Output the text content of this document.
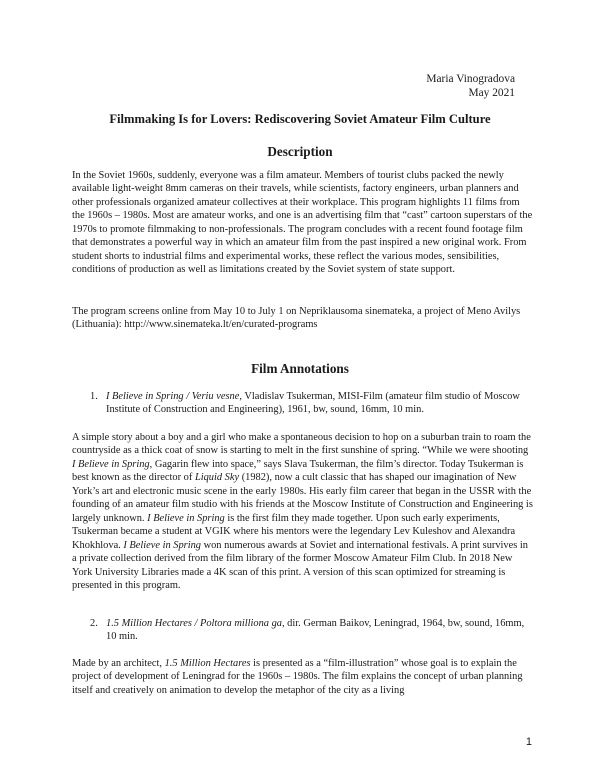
Maria Vinogradova
May 2021
Filmmaking Is for Lovers: Rediscovering Soviet Amateur Film Culture
Description

In the Soviet 1960s, suddenly, everyone was a film amateur. Members of tourist clubs packed the newly available light-weight 8mm cameras on their travels, while scientists, factory engineers, urban planners and other professionals organized amateur collectives at their workplace. This program highlights 11 films from the 1960s – 1980s. Most are amateur works, and one is an advertising film that “cast” cartoon superstars of the 1970s to promote filmmaking to non-professionals. The program concludes with a recent found footage film that demonstrates a powerful way in which an amateur film from the past inspired a new original work. From student shorts to industrial films and experimental works, these reflect the various modes, sensibilities, conditions of production as well as limitations created by the Soviet system of state support.

The program screens online from May 10 to July 1 on Nepriklausoma sinemateka, a project of Meno Avilys (Lithuania): http://www.sinemateka.lt/en/curated-programs

Film Annotations
1. I Believe in Spring / Veriu vesne, Vladislav Tsukerman, MISI-Film (amateur film studio of Moscow Institute of Construction and Engineering), 1961, bw, sound, 16mm, 10 min.

A simple story about a boy and a girl who make a spontaneous decision to hop on a suburban train to roam the countryside as a thick coat of snow is starting to melt in the first sunshine of spring. “While we were shooting I Believe in Spring, Gagarin flew into space,” says Slava Tsukerman, the film’s director. Today Tsukerman is best known as the director of Liquid Sky (1982), now a cult classic that has shaped our imagination of New York’s art and electronic music scene in the early 1980s. His early film career that began in the USSR with the founding of an amateur film studio with his friends at the Moscow Institute of Construction and Engineering is largely unknown. I Believe in Spring is the first film they made together. Upon such early experiments, Tsukerman became a student at VGIK where his mentors were the legendary Lev Kuleshov and Alexandra Khokhlova. I Believe in Spring won numerous awards at Soviet and international festivals. A print survives in a private collection derived from the film library of the former Moscow Amateur Film Club. In 2018 New York University Libraries made a 4K scan of this print. A version of this scan optimized for streaming is presented in this program.

2. 1.5 Million Hectares / Poltora milliona ga, dir. German Baikov, Leningrad, 1964, bw, sound, 16mm, 10 min.

Made by an architect, 1.5 Million Hectares is presented as a “film-illustration” whose goal is to explain the project of development of Leningrad for the 1960s – 1980s. The film explains the concept of urban planning itself and creatively on animation to develop the metaphor of the city as a living

1
